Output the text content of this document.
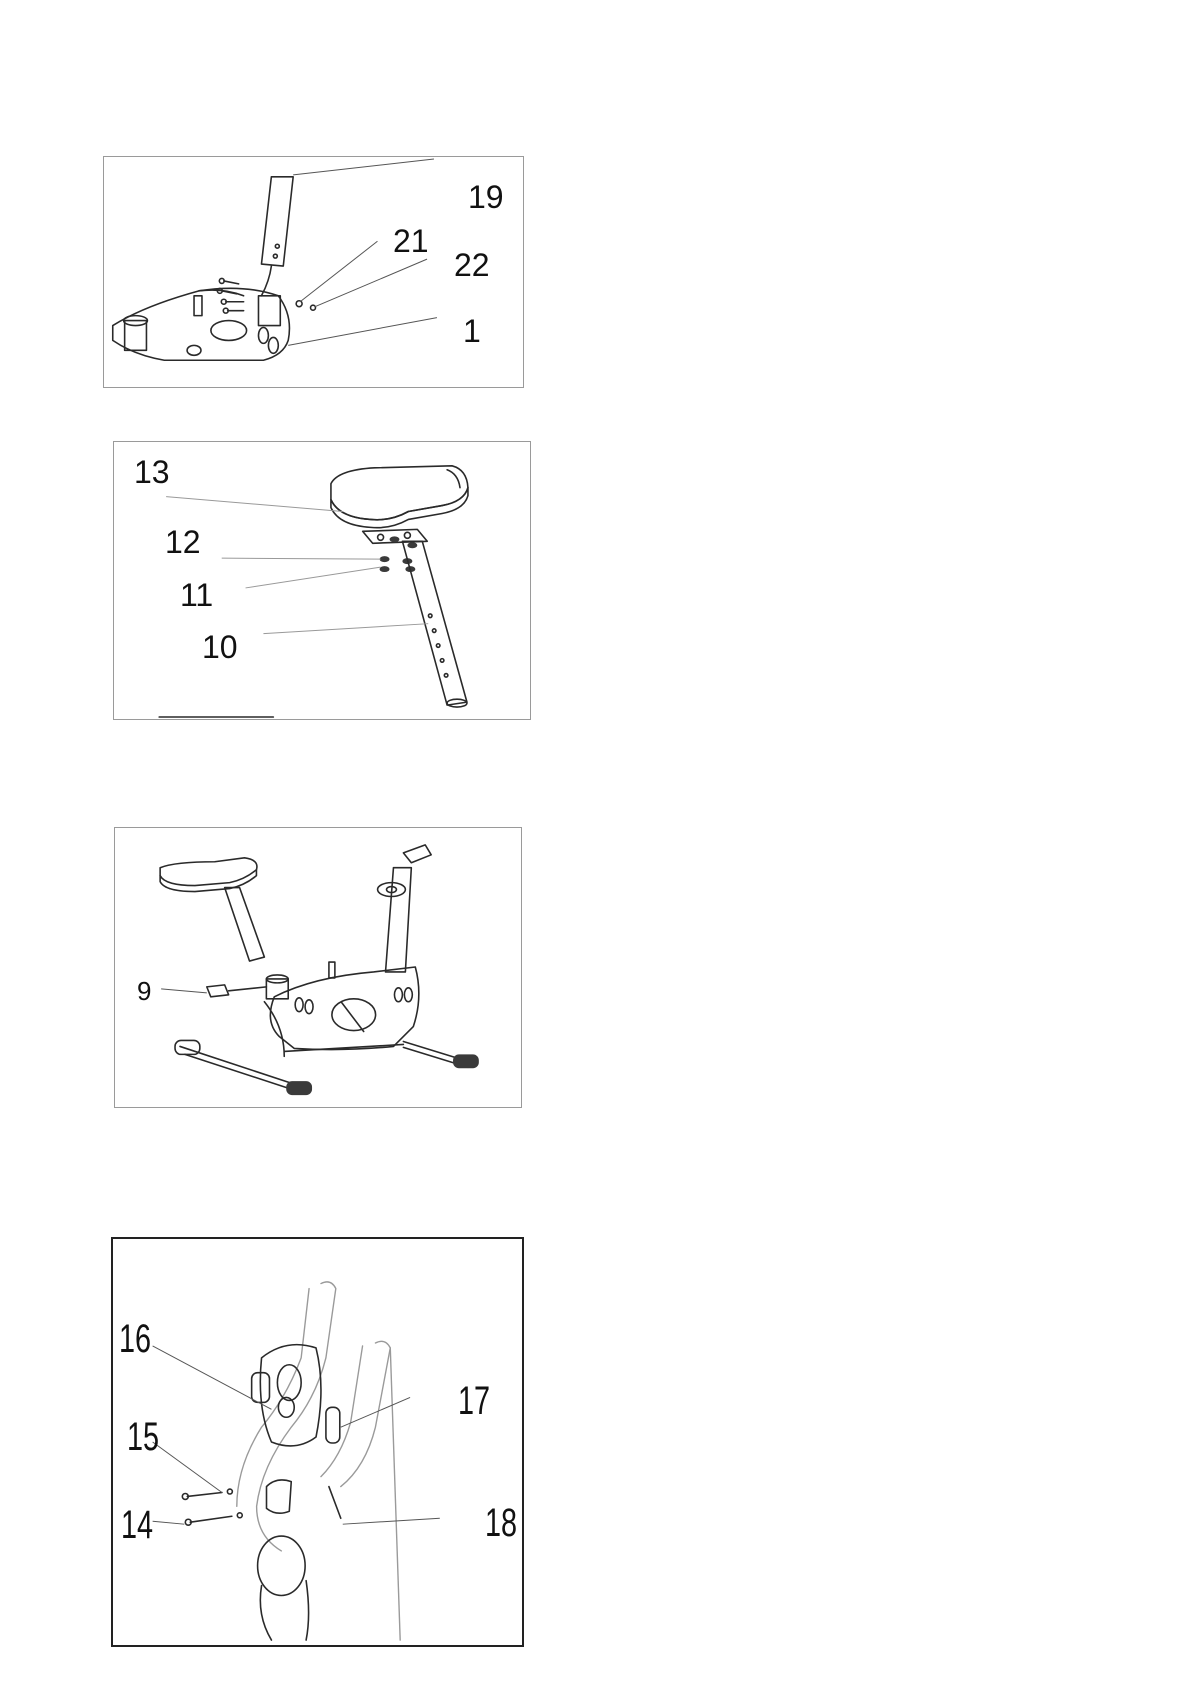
19
21
22
1
13
12
11
10
9
16
17
15
14	18
